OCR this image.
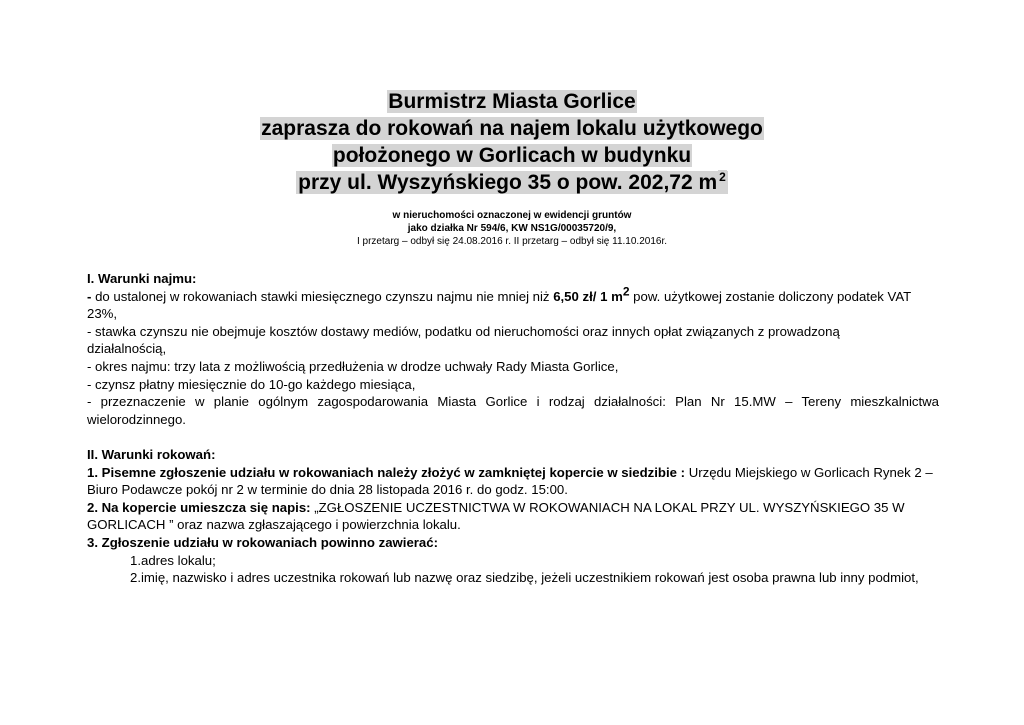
Burmistrz Miasta Gorlice
zaprasza do rokowań na najem lokalu użytkowego
położonego w Gorlicach w budynku
przy ul. Wyszyńskiego 35 o pow. 202,72 m $^2$
w nieruchomości oznaczonej w ewidencji gruntów
jako działka Nr 594/6, KW NS1G/00035720/9,
I przetarg – odbył się 24.08.2016 r. II przetarg – odbył się 11.10.2016r.

I. Warunki najmu:

- do ustalonej w rokowaniach stawki miesięcznego czynszu najmu nie mniej niż 6,50 zł/ 1 m2 pow. użytkowej zostanie doliczony podatek VAT

23%,

- stawka czynszu nie obejmuje kosztów dostawy mediów, podatku od nieruchomości oraz innych opłat związanych z prowadzoną

działalnością,

- okres najmu: trzy lata z możliwością przedłużenia w drodze uchwały Rady Miasta Gorlice,

- czynsz płatny miesięcznie do 10-go każdego miesiąca,

- przeznaczenie w planie ogólnym zagospodarowania Miasta Gorlice i rodzaj działalności: Plan Nr 15.MW – Tereny mieszkalnictwa

wielorodzinnego.

II. Warunki rokowań:

1. Pisemne zgłoszenie udziału w rokowaniach należy złożyć w zamkniętej kopercie w siedzibie : Urzędu Miejskiego w Gorlicach Rynek 2 –

Biuro Podawcze pokój nr 2 w terminie do dnia 28 listopada 2016 r. do godz. 15:00.

2. Na kopercie umieszcza się napis: „ZGŁOSZENIE UCZESTNICTWA W ROKOWANIACH NA LOKAL PRZY UL. WYSZYŃSKIEGO 35 W

GORLICACH ” oraz nazwa zgłaszającego i powierzchnia lokalu.

3. Zgłoszenie udziału w rokowaniach powinno zawierać:

1.adres lokalu;

2.imię, nazwisko i adres uczestnika rokowań lub nazwę oraz siedzibę, jeżeli uczestnikiem rokowań jest osoba prawna lub inny podmiot,
